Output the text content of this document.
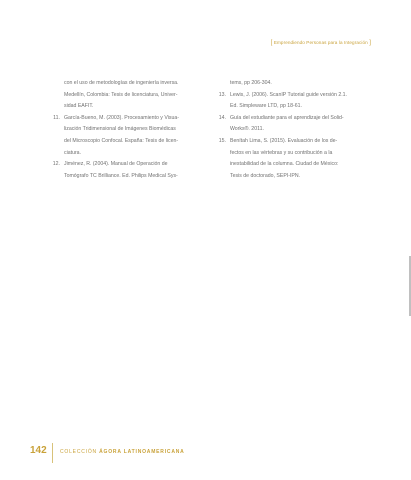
[ Emprendiendo Personas para la Integración ]
con el uso de metodologías de ingeniería inversa.
Medellín, Colombia: Tesis de licenciatura, Univer-
sidad EAFIT.
11. García-Bueno, M. (2003). Procesamiento y Visua-
lización Tridimensional de Imágenes Biomédicas
del Microscopio Confocal. España: Tesis de licen-
ciatura.
12. Jiménez, R. (2004). Manual de Operación de
Tomógrafo TC Brilliance. Ed. Philips Medical Sys-
tems, pp 206-304.
13. Lewis, J. (2006). ScanIP Tutorial guide versión 2.1.
Ed. Simpleware LTD, pp 18-61.
14. Guía del estudiante para el aprendizaje del Solid-
Works®. 2011.
15. Benítah Lima, S. (2015). Evaluación de los de-
fectos en las vértebras y su contribución a la
inestabilidad de la columna. Ciudad de México:
Tesis de doctorado, SEPI-IPN.
142	COLECCIÓN ÁGORA LATINOAMERICANA
